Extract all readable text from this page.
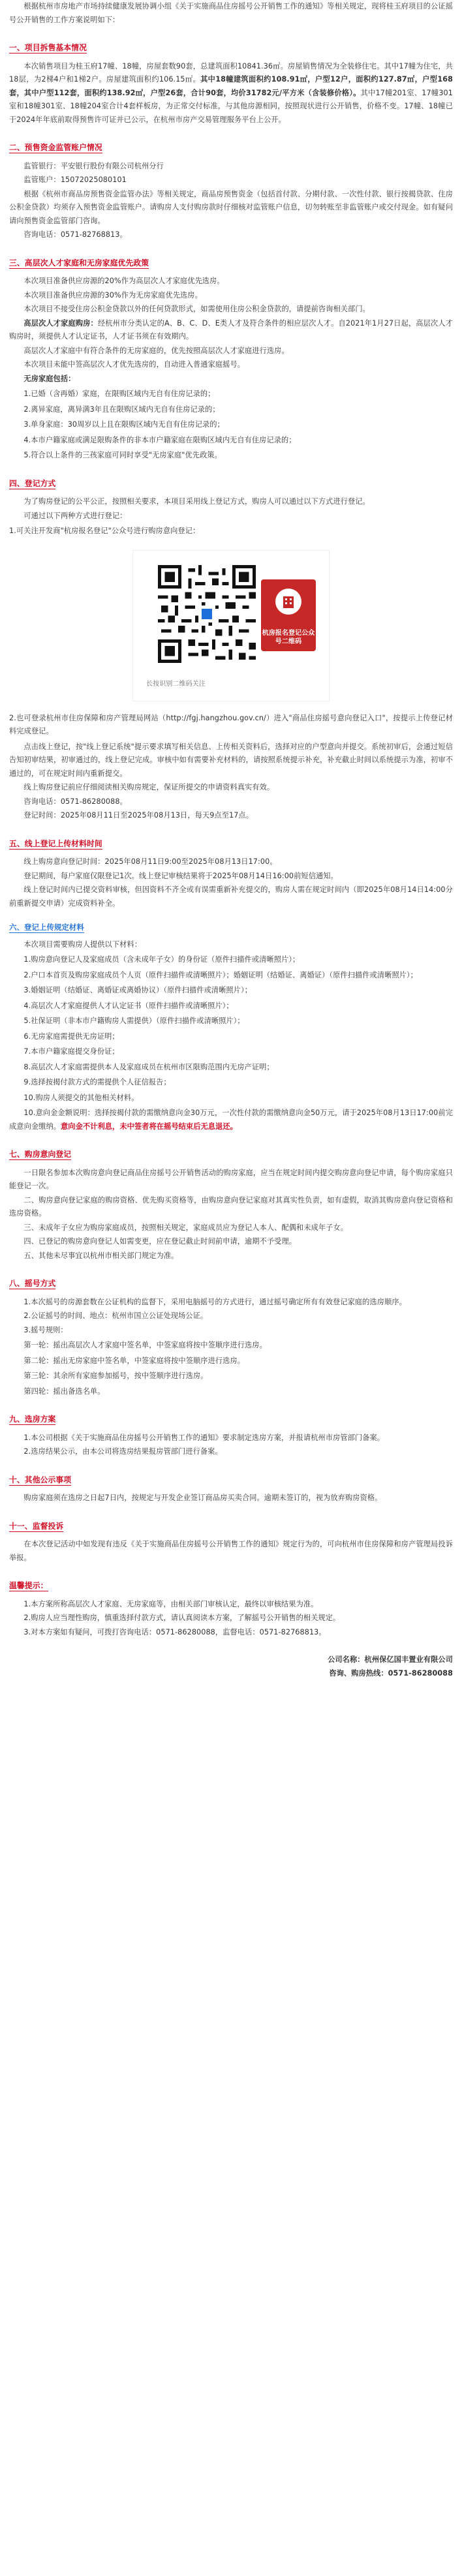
根据杭州市房地产市场持续健康发展协调小组《关于实施商品住房摇号公开销售工作的通知》等相关规定，现将桂玉府项目的公证摇号公开销售的工作方案说明如下：

一、项目拆售基本情况

本次销售项目为桂玉府17幢、18幢，房屋套数90套，总建筑面积10841.36㎡。房屋销售情况为全装修住宅。其中17幢为住宅，共18层，为2梯4户和1梯2户。房屋建筑面积约106.15㎡。其中18幢建筑面积约108.91㎡，户型12户，面积约127.87㎡，户型168套，其中户型112套，面积约138.92㎡，户型26套，合计90套，均价31782元/平方米（含装修价格）。其中17幢201室、17幢301室和18幢301室、18幢204室合计4套样板房，为正常交付标准，与其他房源相同，按照现状进行公开销售，价格不变。17幢、18幢已于2024年年底前取得预售许可证并已公示，在杭州市房产交易管理服务平台上公开。

二、预售资金监管账户情况

监管银行：平安银行股份有限公司杭州分行

监管账户：15072025080101

根据《杭州市商品房预售资金监管办法》等相关规定，商品房预售资金（包括首付款、分期付款、一次性付款、银行按揭贷款、住房公积金贷款）均须存入预售资金监管账户。请购房人支付购房款时仔细核对监管账户信息，切勿转账至非监管账户或交付现金。如有疑问请向预售资金监管部门咨询。

咨询电话：0571-82768813。

三、高层次人才家庭和无房家庭优先政策

本次项目准备供应房源的20%作为高层次人才家庭优先选房。

本次项目准备供应房源的30%作为无房家庭优先选房。

本次项目不接受住房公积金贷款以外的任何贷款形式，如需使用住房公积金贷款的，请提前咨询相关部门。

高层次人才家庭购房：经杭州市分类认定的A、B、C、D、E类人才及符合条件的相应层次人才。自2021年1月27日起，高层次人才购房时，须提供人才认定证书，人才证书须在有效期内。

高层次人才家庭中有符合条件的无房家庭的，优先按照高层次人才家庭进行选房。

本次项目未能中签高层次人才优先选房的，自动进入普通家庭摇号。

无房家庭包括：

1.已婚（含再婚）家庭，在限购区域内无自有住房记录的；

2.离异家庭，离异满3年且在限购区域内无自有住房记录的；

3.单身家庭：30周岁以上且在限购区域内无自有住房记录的；

4.本市户籍家庭或满足限购条件的非本市户籍家庭在限购区域内无自有住房记录的；

5.符合以上条件的三孩家庭可同时享受"无房家庭"优先政策。

四、登记方式

为了购房登记的公平公正，按照相关要求，本项目采用线上登记方式，购房人可以通过以下方式进行登记。

可通过以下两种方式进行登记：

1.可关注开发商"杭房报名登记"公众号进行购房意向登记：

长按识别二维码关注
杭房报名登记公众号二维码

2.也可登录杭州市住房保障和房产管理局网站（http://fgj.hangzhou.gov.cn/）进入"商品住房摇号意向登记入口"，按提示上传登记材料完成登记。

点击线上登记，按"线上登记系统"提示要求填写相关信息、上传相关资料后，选择对应的户型意向并提交。系统初审后，会通过短信告知初审结果，初审通过的，线上登记完成。审核中如有需要补充材料的，请按照系统提示补充，补充截止时间以系统提示为准，初审不通过的，可在规定时间内重新提交。

线上购房登记前应仔细阅读相关购房规定，保证所提交的申请资料真实有效。

咨询电话：0571-86280088。

登记时间：2025年08月11日至2025年08月13日，每天9点至17点。

五、线上登记上传材料时间

线上购房意向登记时间：2025年08月11日9:00至2025年08月13日17:00。

登记期间，每户家庭仅限登记1次。线上登记审核结果将于2025年08月14日16:00前短信通知。

线上登记时间内已提交资料审核，但因资料不齐全或有误需重新补充提交的，购房人需在规定时间内（即2025年08月14日14:00分前重新提交申请）完成资料补全。

六、登记上传规定材料

本次项目需要购房人提供以下材料：

1.购房意向登记人及家庭成员（含未成年子女）的身份证（原件扫描件或清晰照片）；

2.户口本首页及购房家庭成员个人页（原件扫描件或清晰照片）；婚姻证明（结婚证、离婚证）（原件扫描件或清晰照片）；

3.婚姻证明（结婚证、离婚证或离婚协议）（原件扫描件或清晰照片）；

4.高层次人才家庭提供人才认定证书（原件扫描件或清晰照片）；

5.社保证明（非本市户籍购房人需提供）（原件扫描件或清晰照片）；

6.无房家庭需提供无房证明；

7.本市户籍家庭提交身份证；

8.高层次人才家庭需提供本人及家庭成员在杭州市区限购范围内无房产证明；

9.选择按揭付款方式的需提供个人征信报告；

10.购房人须提交的其他相关材料。

10.意向金金额说明：选择按揭付款的需缴纳意向金30万元，一次性付款的需缴纳意向金50万元，请于2025年08月13日17:00前完成意向金缴纳。意向金不计利息，未中签者将在摇号结束后无息退还。

七、购房意向登记

一日限名参加本次购房意向登记商品住房摇号公开销售活动的购房家庭，应当在规定时间内提交购房意向登记申请，每个购房家庭只能登记一次。

二、购房意向登记家庭的购房资格、优先购买资格等，由购房意向登记家庭对其真实性负责，如有虚假，取消其购房意向登记资格和选房资格。

三、未成年子女应为购房家庭成员，按照相关规定，家庭成员应为登记人本人、配偶和未成年子女。

四、已登记的购房意向登记人如需变更，应在登记截止时间前申请，逾期不予受理。

五、其他未尽事宜以杭州市相关部门规定为准。

八、摇号方式

1.本次摇号的房源套数在公证机构的监督下，采用电脑摇号的方式进行，通过摇号确定所有有效登记家庭的选房顺序。

2.公证摇号的时间、地点：杭州市国立公证处现场公证。

3.摇号规则：

第一轮：摇出高层次人才家庭中签名单，中签家庭将按中签顺序进行选房。

第二轮：摇出无房家庭中签名单，中签家庭将按中签顺序进行选房。

第三轮：其余所有家庭参加摇号，按中签顺序进行选房。

第四轮：摇出备选名单。

九、选房方案

1.本公司根据《关于实施商品住房摇号公开销售工作的通知》要求制定选房方案，并报请杭州市房管部门备案。

2.选房结果公示，由本公司将选房结果报房管部门进行备案。

十、其他公示事项

购房家庭须在选房之日起7日内，按规定与开发企业签订商品房买卖合同。逾期未签订的，视为放弃购房资格。

十一、监督投诉

在本次登记活动中如发现有违反《关于实施商品住房摇号公开销售工作的通知》规定行为的，可向杭州市住房保障和房产管理局投诉举报。

温馨提示：

1.本方案所称高层次人才家庭、无房家庭等，由相关部门审核认定，最终以审核结果为准。

2.购房人应当理性购房，慎重选择付款方式，请认真阅读本方案，了解摇号公开销售的相关规定。

3.对本方案如有疑问，可拨打咨询电话：0571-86280088，监督电话：0571-82768813。

公司名称：杭州保亿国丰置业有限公司

咨询、购房热线：0571-86280088
